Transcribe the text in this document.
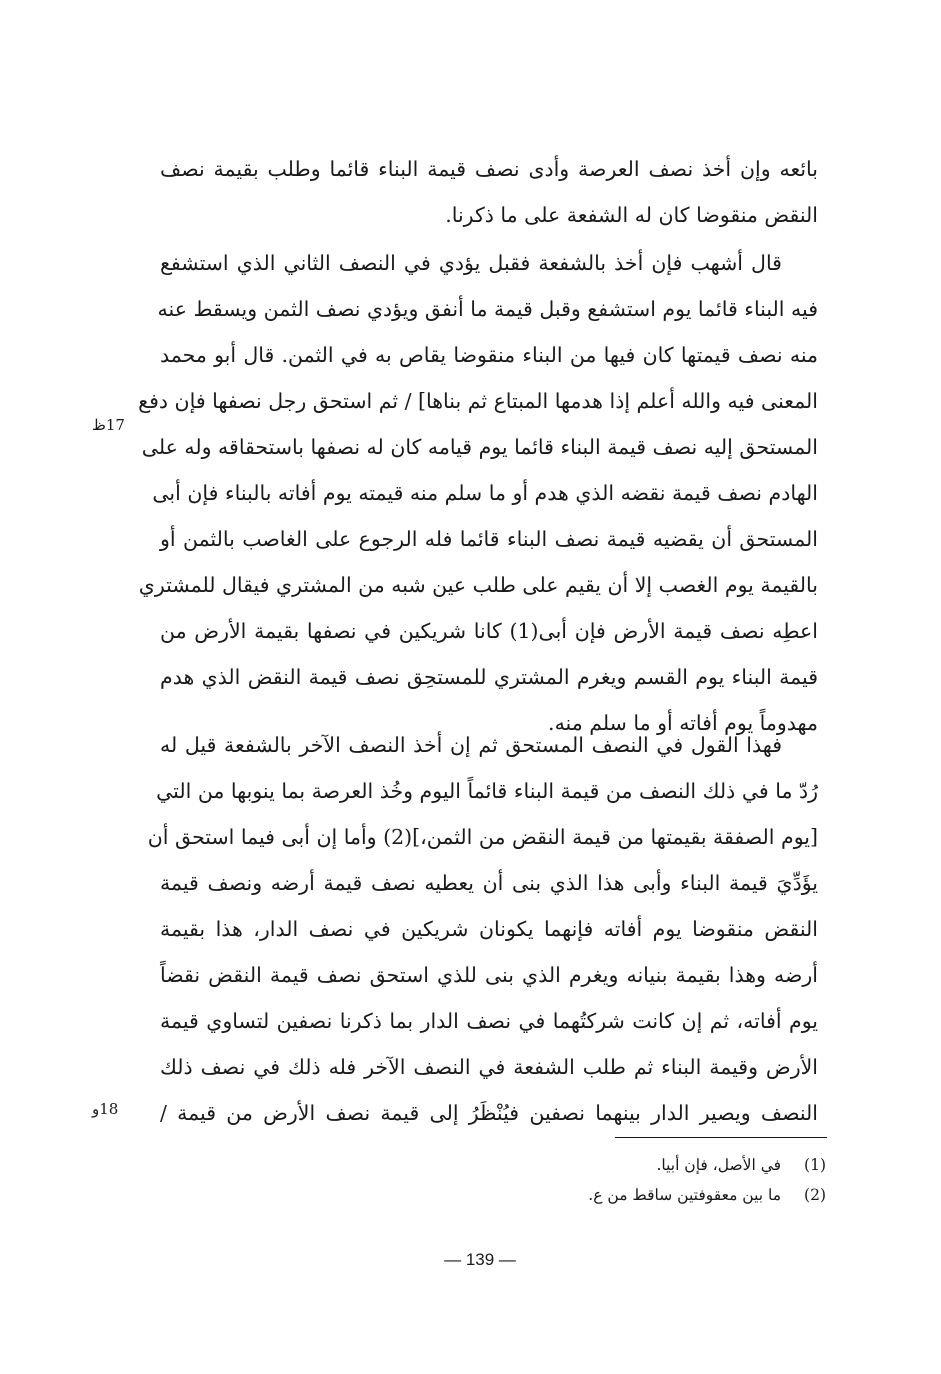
بائعه وإن أخذ نصف العرصة وأدى نصف قيمة البناء قائما وطلب بقيمة نصف
النقض منقوضا كان له الشفعة على ما ذكرنا.
قال أشهب فإن أخذ بالشفعة فقبل يؤدي في النصف الثاني الذي استشفع
فيه البناء قائما يوم استشفع وقبل قيمة ما أنفق ويؤدي نصف الثمن ويسقط عنه
منه نصف قيمتها كان فيها من البناء منقوضا يقاص به في الثمن. قال أبو محمد
المعنى فيه والله أعلم إذا هدمها المبتاع ثم بناها] / ثم استحق رجل نصفها فإن دفع
المستحق إليه نصف قيمة البناء قائما يوم قيامه كان له نصفها باستحقاقه وله على
الهادم نصف قيمة نقضه الذي هدم أو ما سلم منه قيمته يوم أفاته بالبناء فإن أبى
المستحق أن يقضيه قيمة نصف البناء قائما فله الرجوع على الغاصب بالثمن أو
بالقيمة يوم الغصب إلا أن يقيم على طلب عين شبه من المشتري فيقال للمشتري
اعطِه نصف قيمة الأرض فإن أبى(1) كانا شريكين في نصفها بقيمة الأرض من
قيمة البناء يوم القسم ويغرم المشتري للمستحِق نصف قيمة النقض الذي هدم
مهدوماً يوم أفاته أو ما سلم منه.
فهذا القول في النصف المستحق ثم إن أخذ النصف الآخر بالشفعة قيل له
رُدّ ما في ذلك النصف من قيمة البناء قائماً اليوم وخُذ العرصة بما ينوبها من التي
[يوم الصفقة بقيمتها من قيمة النقض من الثمن،](2) وأما إن أبى فيما استحق أن
يؤَدِّيَ قيمة البناء وأبى هذا الذي بنى أن يعطيه نصف قيمة أرضه ونصف قيمة
النقض منقوضا يوم أفاته فإنهما يكونان شريكين في نصف الدار، هذا بقيمة
أرضه وهذا بقيمة بنيانه ويغرم الذي بنى للذي استحق نصف قيمة النقض نقضاً
يوم أفاته، ثم إن كانت شركتُهما في نصف الدار بما ذكرنا نصفين لتساوي قيمة
الأرض وقيمة البناء ثم طلب الشفعة في النصف الآخر فله ذلك في نصف ذلك
النصف ويصير الدار بينهما نصفين فيُنْظَرُ إلى قيمة نصف الأرض من قيمة /
17ظ
18و
(1) في الأصل، فإن أبيا.
(2) ما بين معقوفتين ساقط من ع.
— 139 —
